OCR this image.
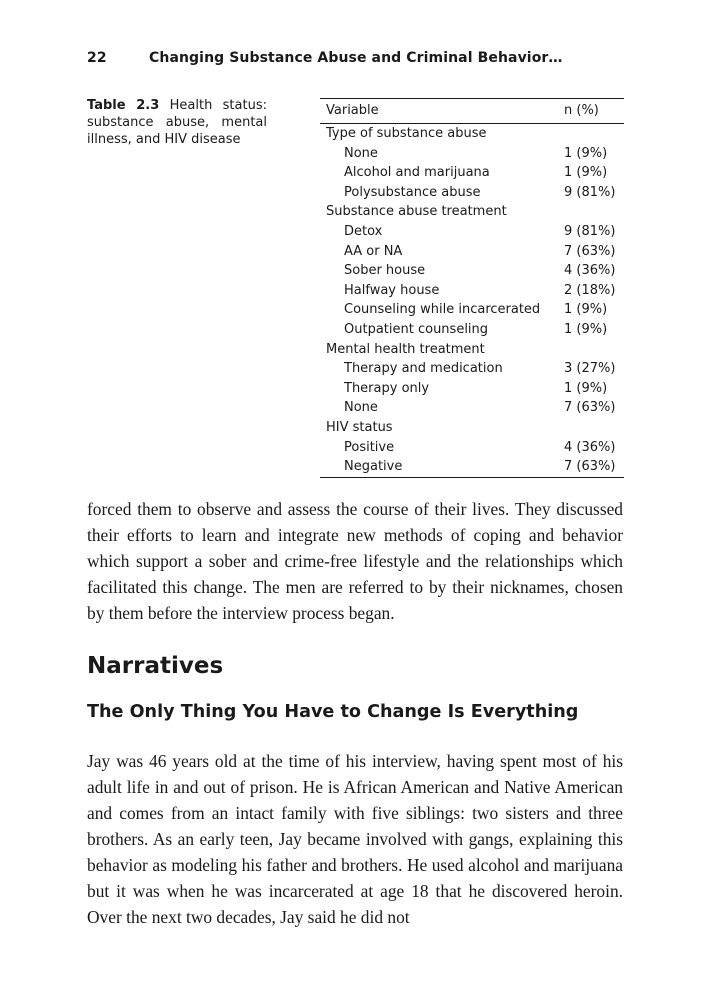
22	Changing Substance Abuse and Criminal Behavior…
Table 2.3 Health status: substance abuse, mental illness, and HIV disease
Variable	n (%)
Type of substance abuse	
None	1 (9%)
Alcohol and marijuana	1 (9%)
Polysubstance abuse	9 (81%)
Substance abuse treatment	
Detox	9 (81%)
AA or NA	7 (63%)
Sober house	4 (36%)
Halfway house	2 (18%)
Counseling while incarcerated	1 (9%)
Outpatient counseling	1 (9%)
Mental health treatment	
Therapy and medication	3 (27%)
Therapy only	1 (9%)
None	7 (63%)
HIV status	
Positive	4 (36%)
Negative	7 (63%)

forced them to observe and assess the course of their lives. They discussed their efforts to learn and integrate new methods of coping and behavior which support a sober and crime-free lifestyle and the relationships which facilitated this change. The men are referred to by their nicknames, chosen by them before the interview process began.

Narratives
The Only Thing You Have to Change Is Everything

Jay was 46 years old at the time of his interview, having spent most of his adult life in and out of prison. He is African American and Native American and comes from an intact family with five siblings: two sisters and three brothers. As an early teen, Jay became involved with gangs, explaining this behavior as modeling his father and brothers. He used alcohol and marijuana but it was when he was incarcerated at age 18 that he discovered heroin. Over the next two decades, Jay said he did not
